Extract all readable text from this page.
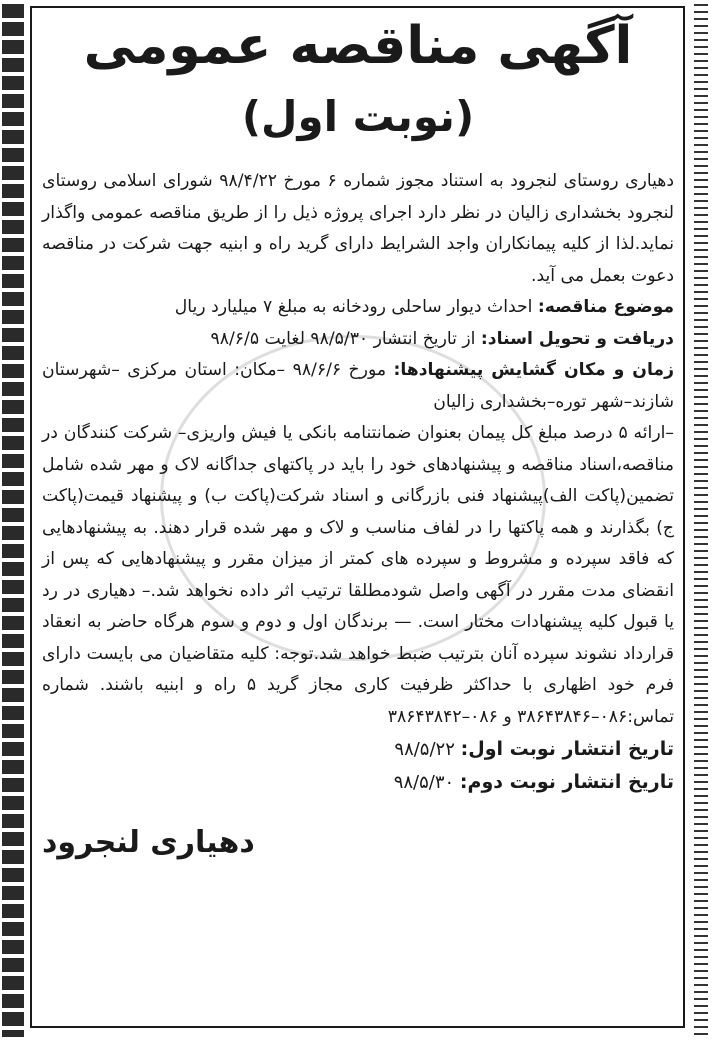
آگهی مناقصه عمومی
(نوبت اول)

دهیاری روستای لنجرود به استناد مجوز شماره ۶ مورخ ۹۸/۴/۲۲ شورای اسلامی روستای لنجرود بخشداری زالیان در نظر دارد اجرای پروژه ذیل را از طریق مناقصه عمومی واگذار نماید.لذا از کلیه پیمانکاران واجد الشرایط دارای گرید راه و ابنیه جهت شرکت در مناقصه دعوت بعمل می آید.

موضوع مناقصه: احداث دیوار ساحلی رودخانه به مبلغ ۷ میلیارد ریال

دریافت و تحویل اسناد: از تاریخ انتشار ۹۸/۵/۳۰ لغایت ۹۸/۶/۵

زمان و مکان گشایش پیشنهادها: مورخ ۹۸/۶/۶ –مکان: استان مرکزی –شهرستان شازند–شهر توره–بخشداری زالیان

–ارائه ۵ درصد مبلغ کل پیمان بعنوان ضمانتنامه بانکی یا فیش واریزی– شرکت کنندگان در مناقصه،اسناد مناقصه و پیشنهادهای خود را باید در پاکتهای جداگانه لاک و مهر شده شامل تضمین(پاکت الف)پیشنهاد فنی بازرگانی و اسناد شرکت(پاکت ب) و پیشنهاد قیمت(پاکت ج) بگذارند و همه پاکتها را در لفاف مناسب و لاک و مهر شده قرار دهند. به پیشنهادهایی که فاقد سپرده و مشروط و سپرده های کمتر از میزان مقرر و پیشنهادهایی که پس از انقضای مدت مقرر در آگهی واصل شودمطلقا ترتیب اثر داده نخواهد شد.– دهیاری در رد یا قبول کلیه پیشنهادات مختار است. — برندگان اول و دوم و سوم هرگاه حاضر به انعقاد قرارداد نشوند سپرده آنان بترتیب ضبط خواهد شد.توجه: کلیه متقاضیان می بایست دارای فرم خود اظهاری با حداکثر ظرفیت کاری مجاز گرید ۵ راه و ابنیه باشند. شماره تماس:۰۸۶–۳۸۶۴۳۸۴۶ و ۰۸۶–۳۸۶۴۳۸۴۲

تاریخ انتشار نوبت اول: ۹۸/۵/۲۲

تاریخ انتشار نوبت دوم: ۹۸/۵/۳۰

دهیاری لنجرود
